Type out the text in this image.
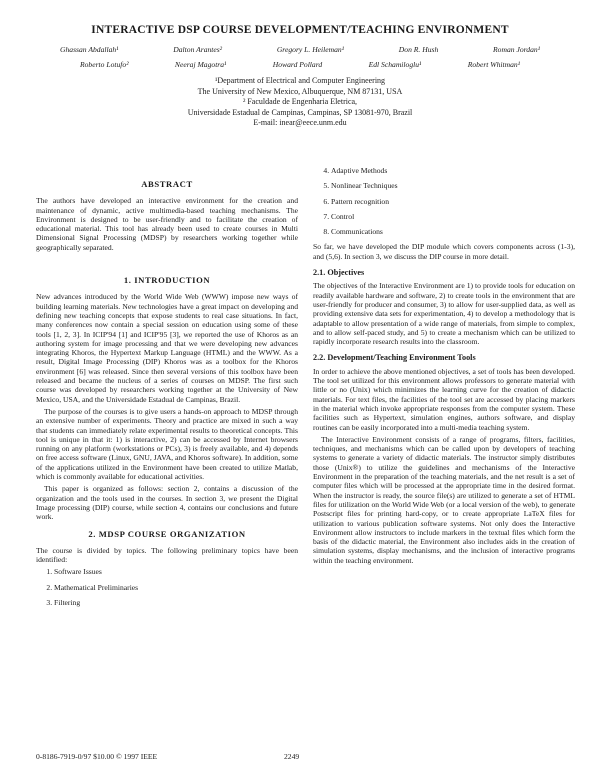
INTERACTIVE DSP COURSE DEVELOPMENT/TEACHING ENVIRONMENT
Ghassan Abdallah¹	Dalton Arantes²	Gregory L. Heileman¹	Don R. Hush	Roman Jordan¹
Roberto Lotufo²	Neeraj Magotra¹	Howard Pollard	Edl Schamiloglu¹	Robert Whitman¹
¹Department of Electrical and Computer Engineering
The University of New Mexico, Albuquerque, NM 87131, USA
² Faculdade de Engenharia Eletrica,
Universidade Estadual de Campinas, Campinas, SP 13081-970, Brazil
E-mail: inear@eece.unm.edu
ABSTRACT

The authors have developed an interactive environment for the creation and maintenance of dynamic, active multimedia-based teaching mechanisms. The Environment is designed to be user-friendly and to facilitate the creation of educational material. This tool has already been used to create courses in Multi Dimensional Signal Processing (MDSP) by researchers working together while geographically separated.

1. INTRODUCTION

New advances introduced by the World Wide Web (WWW) impose new ways of building learning materials. New technologies have a great impact on developing and defining new teaching concepts that expose students to real case situations. In fact, many conferences now contain a special session on education using some of these tools [1, 2, 3]. In ICIP'94 [1] and ICIP'95 [3], we reported the use of Khoros as an authoring system for image processing and that we were developing new advances integrating Khoros, the Hypertext Markup Language (HTML) and the WWW. As a result, Digital Image Processing (DIP) Khoros was as a toolbox for the Khoros environment [6] was released. Since then several versions of this toolbox have been released and became the nucleus of a series of courses on MDSP. The first such course was developed by researchers working together at the University of New Mexico, USA, and the Universidade Estadual de Campinas, Brazil.

The purpose of the courses is to give users a hands-on approach to MDSP through an extensive number of experiments. Theory and practice are mixed in such a way that students can immediately relate experimental results to theoretical concepts. This tool is unique in that it: 1) is interactive, 2) can be accessed by Internet browsers running on any platform (workstations or PCs), 3) is freely available, and 4) depends on free access software (Linux, GNU, JAVA, and Khoros software). In addition, some of the applications utilized in the Environment have been created to utilize Matlab, which is commonly available for educational activities.

This paper is organized as follows: section 2, contains a discussion of the organization and the tools used in the courses. In section 3, we present the Digital Image processing (DIP) course, while section 4, contains our conclusions and future work.

2. MDSP COURSE ORGANIZATION

The course is divided by topics. The following preliminary topics have been identified:

1. Software Issues
2. Mathematical Preliminaries
3. Filtering
4. Adaptive Methods
5. Nonlinear Techniques
6. Pattern recognition
7. Control
8. Communications

So far, we have developed the DIP module which covers components across (1-3), and (5,6). In section 3, we discuss the DIP course in more detail.

2.1. Objectives

The objectives of the Interactive Environment are 1) to provide tools for education on readily available hardware and software, 2) to create tools in the environment that are user-friendly for producer and consumer, 3) to allow for user-supplied data, as well as providing extensive data sets for experimentation, 4) to develop a methodology that is adaptable to allow presentation of a wide range of materials, from simple to complex, and to allow self-paced study, and 5) to create a mechanism which can be utilized to rapidly incorporate research results into the classroom.

2.2. Development/Teaching Environment Tools

In order to achieve the above mentioned objectives, a set of tools has been developed. The tool set utilized for this environment allows professors to generate material with little or no (Unix) which minimizes the learning curve for the creation of didactic materials. For text files, the facilities of the tool set are accessed by placing markers in the material which invoke appropriate responses from the computer system. These facilities such as Hypertext, simulation engines, authors software, and display routines can be easily incorporated into a multi-media teaching system.

The Interactive Environment consists of a range of programs, filters, facilities, techniques, and mechanisms which can be called upon by developers of teaching systems to generate a variety of didactic materials. The instructor simply distributes those (Unix®) to utilize the guidelines and mechanisms of the Interactive Environment in the preparation of the teaching materials, and the net result is a set of computer files which will be processed at the appropriate time in the desired format. When the instructor is ready, the source file(s) are utilized to generate a set of HTML files for utilization on the World Wide Web (or a local version of the web), to generate Postscript files for printing hard-copy, or to create appropriate LaTeX files for utilization to various publication software systems. Not only does the Interactive Environment allow instructors to include markers in the textual files which form the basis of the didactic material, the Environment also includes aids in the creation of simulation systems, display mechanisms, and the inclusion of interactive programs within the teaching environment.

0-8186-7919-0/97 $10.00 © 1997 IEEE	2249
